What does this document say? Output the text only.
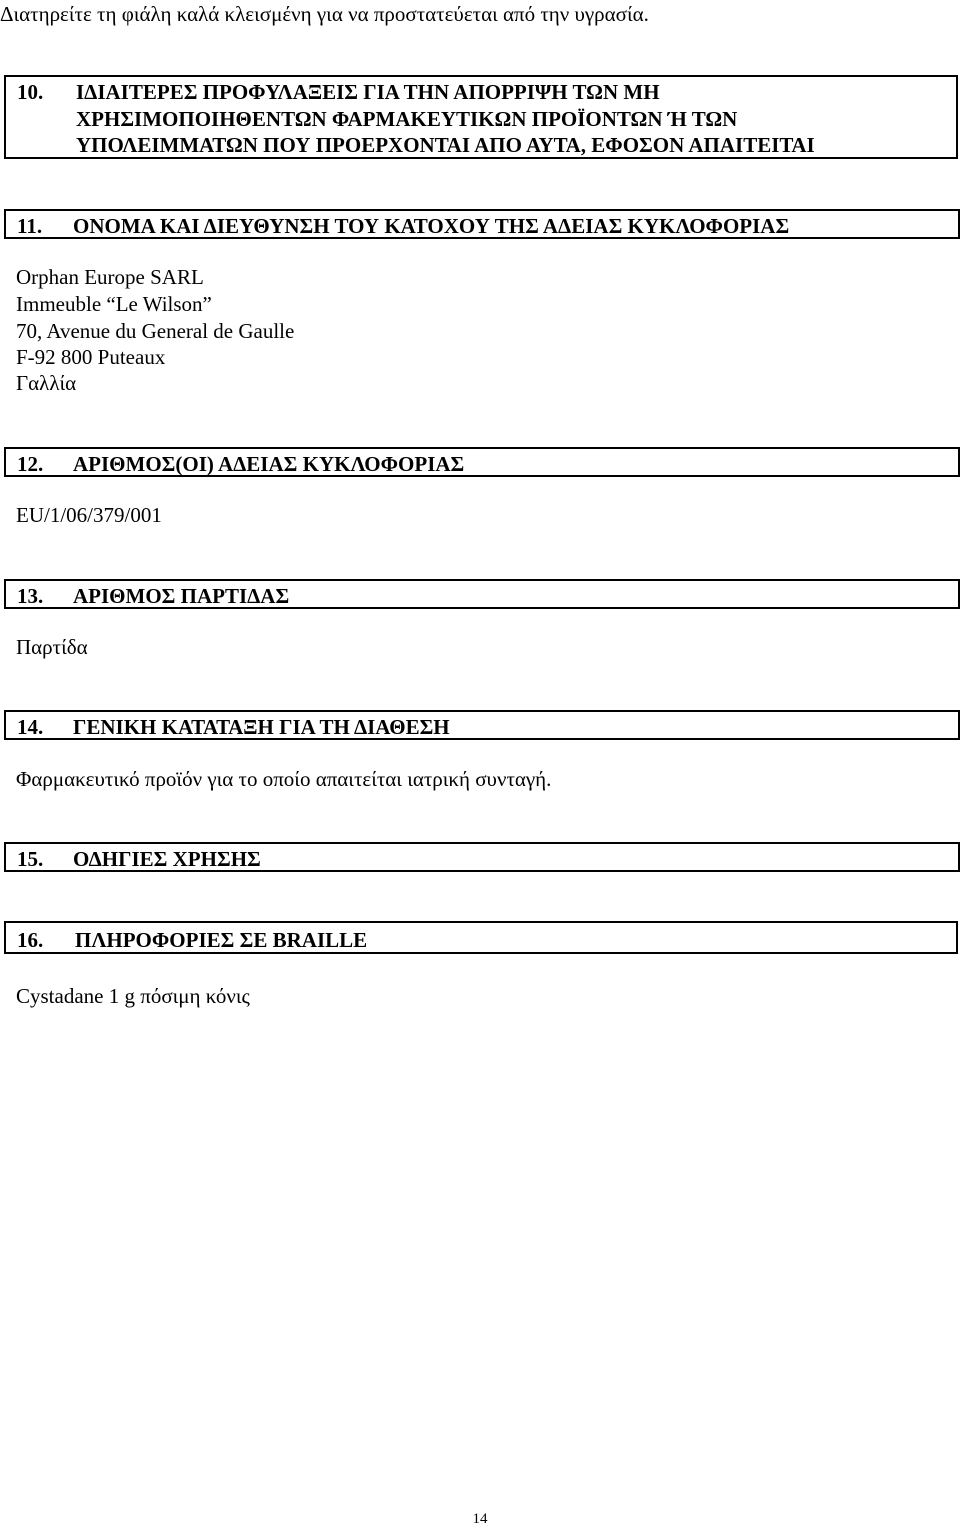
Διατηρείτε τη φιάλη καλά κλεισμένη για να προστατεύεται από την υγρασία.
10. ΙΔΙΑΙΤΕΡΕΣ ΠΡΟΦΥΛΑΞΕΙΣ ΓΙΑ ΤΗΝ ΑΠΟΡΡΙΨΗ ΤΩΝ ΜΗ
ΧΡΗΣΙΜΟΠΟΙΗΘΕΝΤΩΝ ΦΑΡΜΑΚΕΥΤΙΚΩΝ ΠΡΟΪΟΝΤΩΝ Ή ΤΩΝ
ΥΠΟΛΕΙΜΜΑΤΩΝ ΠΟΥ ΠΡΟΕΡΧΟΝΤΑΙ ΑΠΟ ΑΥΤΑ, ΕΦΟΣΟΝ ΑΠΑΙΤΕΙΤΑΙ
11. ΟΝΟΜΑ ΚΑΙ ΔΙΕΥΘΥΝΣΗ ΤΟΥ ΚΑΤΟΧΟΥ ΤΗΣ ΑΔΕΙΑΣ ΚΥΚΛΟΦΟΡΙΑΣ
Orphan Europe SARL
Immeuble “Le Wilson”
70, Avenue du General de Gaulle
F-92 800 Puteaux
Γαλλία
12. ΑΡΙΘΜΟΣ(ΟΙ) ΑΔΕΙΑΣ ΚΥΚΛΟΦΟΡΙΑΣ
EU/1/06/379/001
13. ΑΡΙΘΜΟΣ ΠΑΡΤΙΔΑΣ
Παρτίδα
14. ΓΕΝΙΚΗ ΚΑΤΑΤΑΞΗ ΓΙΑ ΤΗ ΔΙΑΘΕΣΗ
Φαρμακευτικό προϊόν για το οποίο απαιτείται ιατρική συνταγή.
15. ΟΔΗΓΙΕΣ ΧΡΗΣΗΣ
16. ΠΛΗΡΟΦΟΡΙΕΣ ΣΕ BRAILLE
Cystadane 1 g πόσιμη κόνις
14
